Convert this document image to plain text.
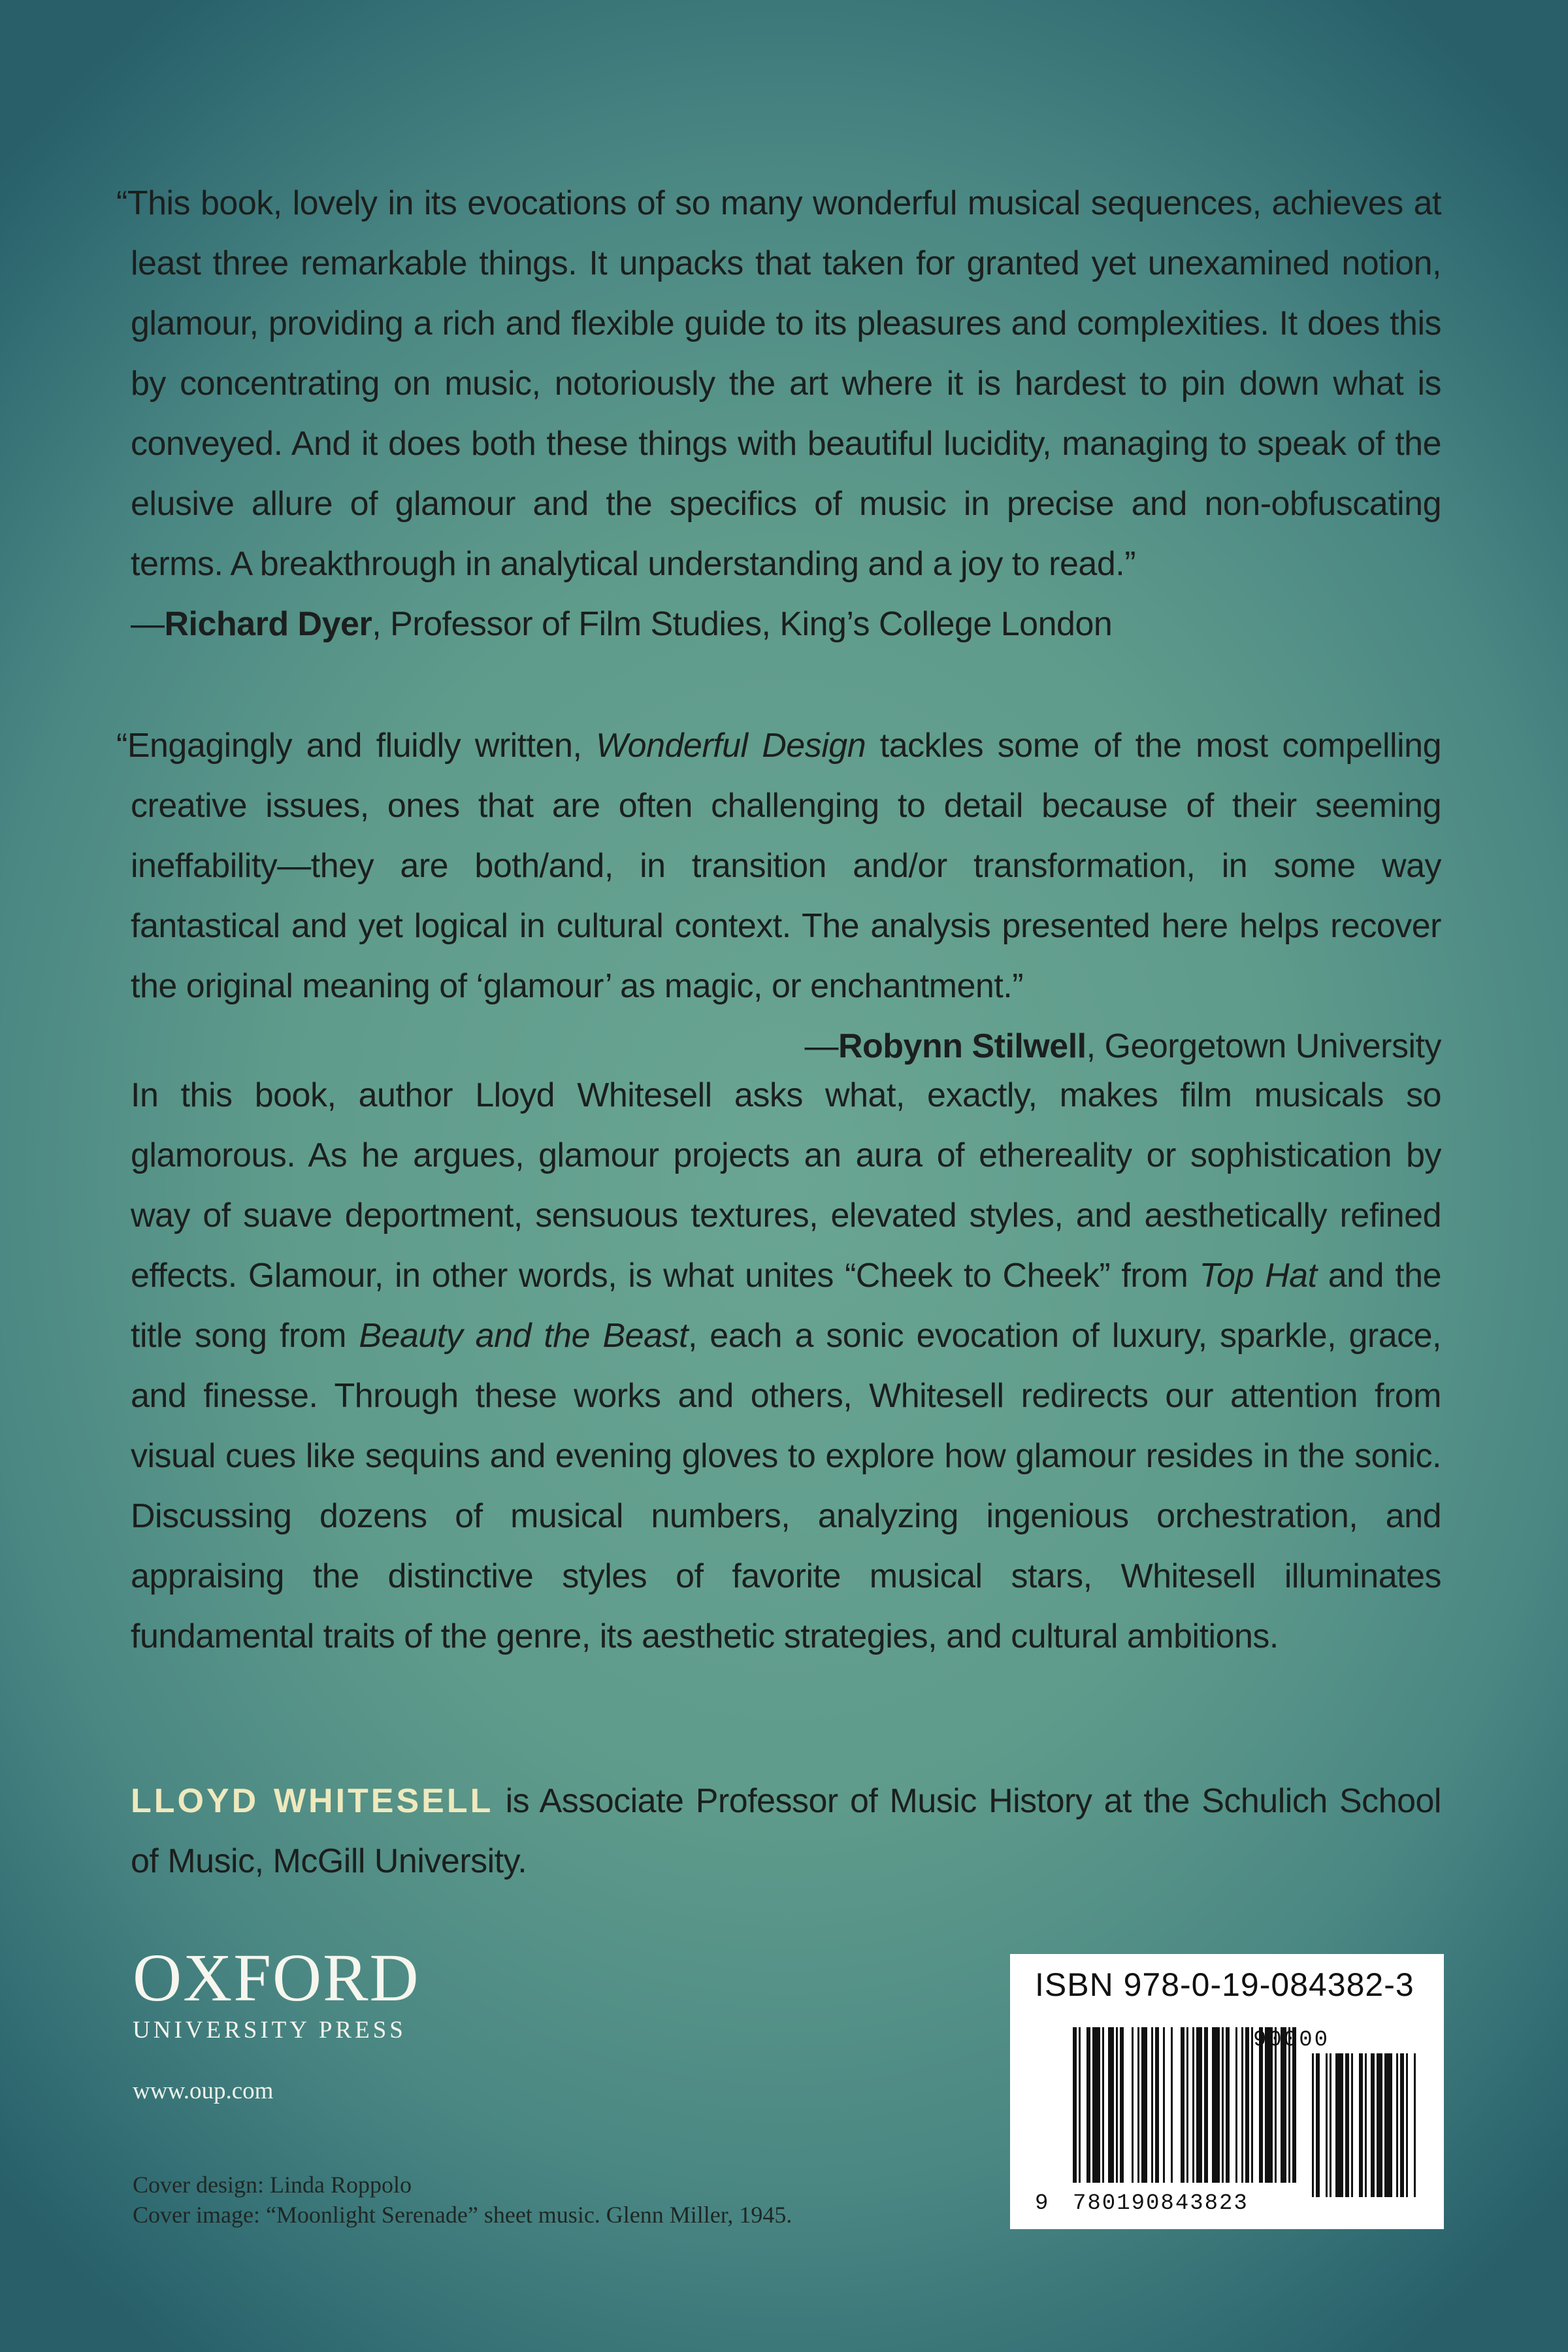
“This book, lovely in its evocations of so many wonderful musical sequences, achieves at least three remarkable things. It unpacks that taken for granted yet unexamined notion, glamour, providing a rich and flexible guide to its pleasures and complexities. It does this by concentrating on music, notoriously the art where it is hardest to pin down what is conveyed. And it does both these things with beautiful lucidity, managing to speak of the elusive allure of glamour and the specifics of music in precise and non-obfuscating terms. A breakthrough in analytical understanding and a joy to read.”
—Richard Dyer, Professor of Film Studies, King’s College London
“Engagingly and fluidly written, Wonderful Design tackles some of the most compelling creative issues, ones that are often challenging to detail because of their seeming ineffability—they are both/and, in transition and/or transformation, in some way fantastical and yet logical in cultural context. The analysis presented here helps recover the original meaning of ‘glamour’ as magic, or enchantment.”
—Robynn Stilwell, Georgetown University
In this book, author Lloyd Whitesell asks what, exactly, makes film musicals so glamorous. As he argues, glamour projects an aura of ethereality or sophistication by way of suave deportment, sensuous textures, elevated styles, and aesthetically refined effects. Glamour, in other words, is what unites “Cheek to Cheek” from Top Hat and the title song from Beauty and the Beast, each a sonic evocation of luxury, sparkle, grace, and finesse. Through these works and others, Whitesell redirects our attention from visual cues like sequins and evening gloves to explore how glamour resides in the sonic. Discussing dozens of musical numbers, analyzing ingenious orchestration, and appraising the distinctive styles of favorite musical stars, Whitesell illuminates fundamental traits of the genre, its aesthetic strategies, and cultural ambitions.
LLOYD WHITESELL is Associate Professor of Music History at the Schulich School of Music, McGill University.
OXFORD
UNIVERSITY PRESS
www.oup.com
Cover design: Linda Roppolo
Cover image: “Moonlight Serenade” sheet music. Glenn Miller, 1945.
ISBN 978-0-19-084382-3
90000
9 780190843823
